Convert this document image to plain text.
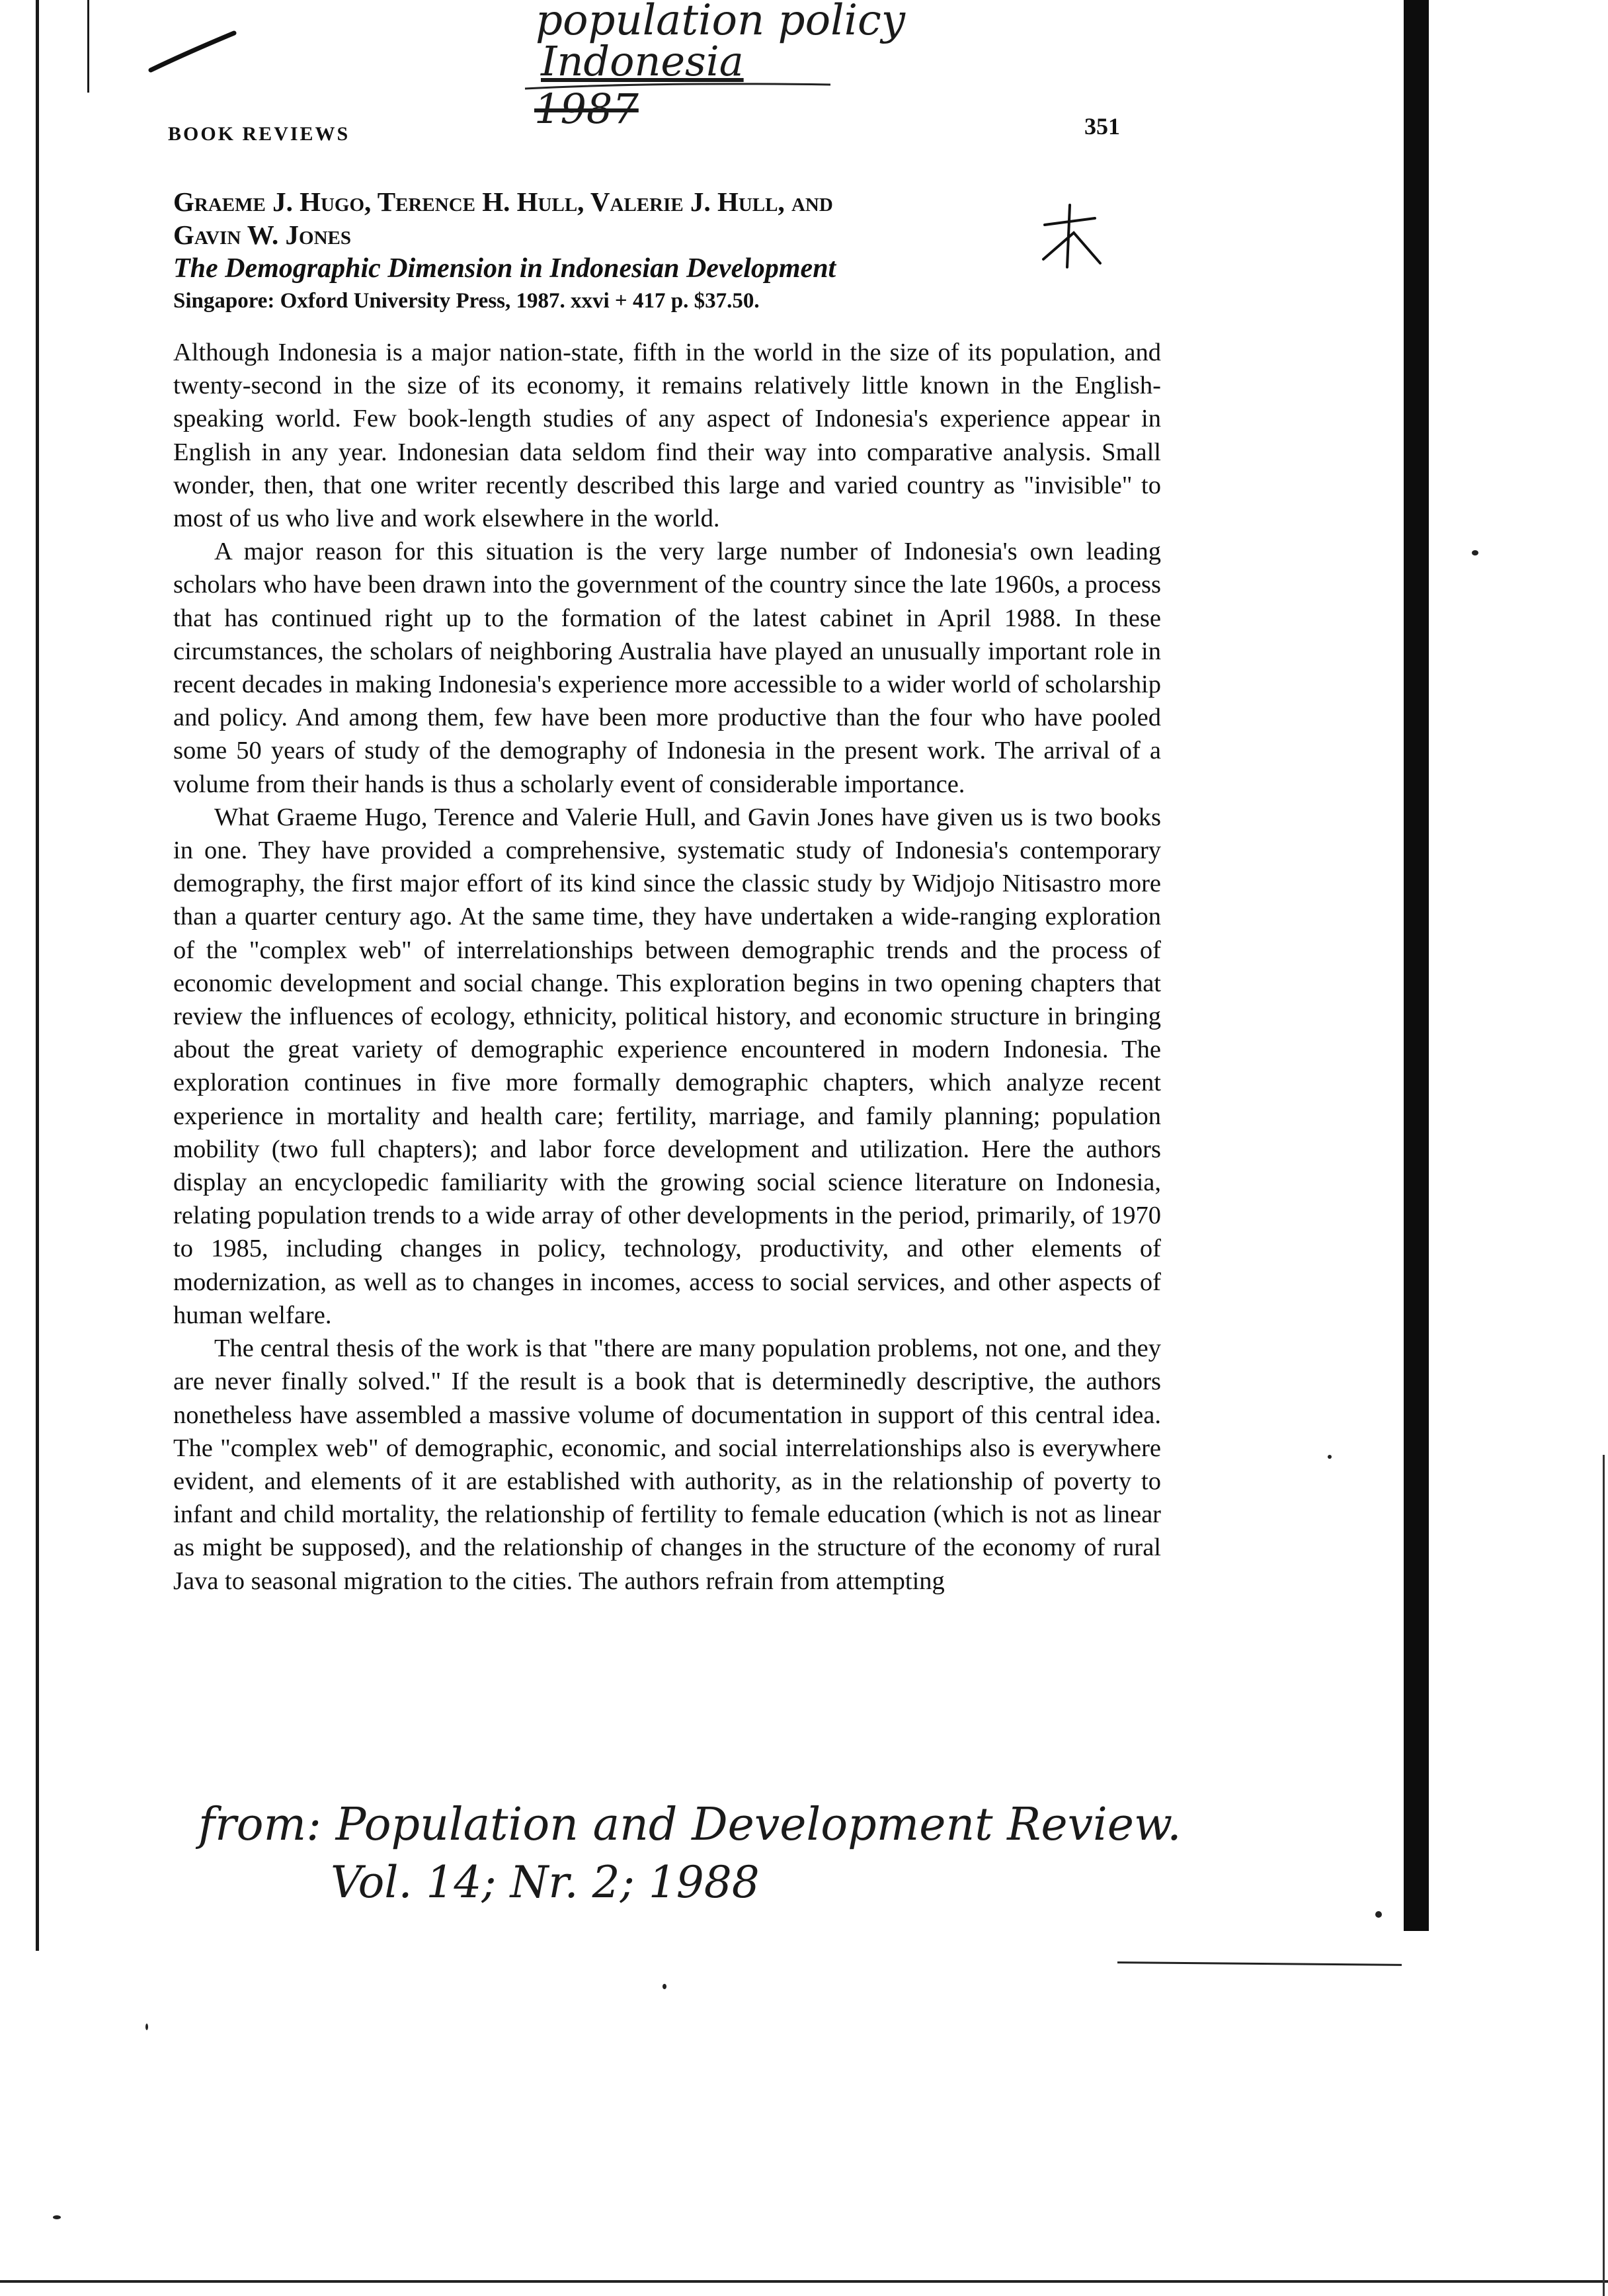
population policy
Indonesia
1987
BOOK REVIEWS	351

Graeme J. Hugo, Terence H. Hull, Valerie J. Hull, and

Gavin W. Jones

The Demographic Dimension in Indonesian Development

Singapore: Oxford University Press, 1987. xxvi + 417 p. $37.50.

Although Indonesia is a major nation-state, fifth in the world in the size of its population, and twenty-second in the size of its economy, it remains relatively little known in the English-speaking world. Few book-length studies of any aspect of Indonesia's experience appear in English in any year. Indonesian data seldom find their way into comparative analysis. Small wonder, then, that one writer recently described this large and varied country as "invisible" to most of us who live and work elsewhere in the world.

A major reason for this situation is the very large number of Indonesia's own leading scholars who have been drawn into the government of the country since the late 1960s, a process that has continued right up to the formation of the latest cabinet in April 1988. In these circumstances, the scholars of neighboring Australia have played an unusually important role in recent decades in making Indonesia's experience more accessible to a wider world of scholarship and policy. And among them, few have been more productive than the four who have pooled some 50 years of study of the demography of Indonesia in the present work. The arrival of a volume from their hands is thus a scholarly event of considerable importance.

What Graeme Hugo, Terence and Valerie Hull, and Gavin Jones have given us is two books in one. They have provided a comprehensive, systematic study of Indonesia's contemporary demography, the first major effort of its kind since the classic study by Widjojo Nitisastro more than a quarter century ago. At the same time, they have undertaken a wide-ranging exploration of the "complex web" of interrelationships between demographic trends and the process of economic development and social change. This exploration begins in two opening chapters that review the influences of ecology, ethnicity, political history, and economic structure in bringing about the great variety of demographic experience encountered in modern Indonesia. The exploration continues in five more formally demographic chapters, which analyze recent experience in mortality and health care; fertility, marriage, and family planning; population mobility (two full chapters); and labor force development and utilization. Here the authors display an encyclopedic familiarity with the growing social science literature on Indonesia, relating population trends to a wide array of other developments in the period, primarily, of 1970 to 1985, including changes in policy, technology, productivity, and other elements of modernization, as well as to changes in incomes, access to social services, and other aspects of human welfare.

The central thesis of the work is that "there are many population problems, not one, and they are never finally solved." If the result is a book that is determinedly descriptive, the authors nonetheless have assembled a massive volume of documentation in support of this central idea. The "complex web" of demographic, economic, and social interrelationships also is everywhere evident, and elements of it are established with authority, as in the relationship of poverty to infant and child mortality, the relationship of fertility to female education (which is not as linear as might be supposed), and the relationship of changes in the structure of the economy of rural Java to seasonal migration to the cities. The authors refrain from attempting

from: Population and Development Review.
Vol. 14; Nr. 2; 1988
